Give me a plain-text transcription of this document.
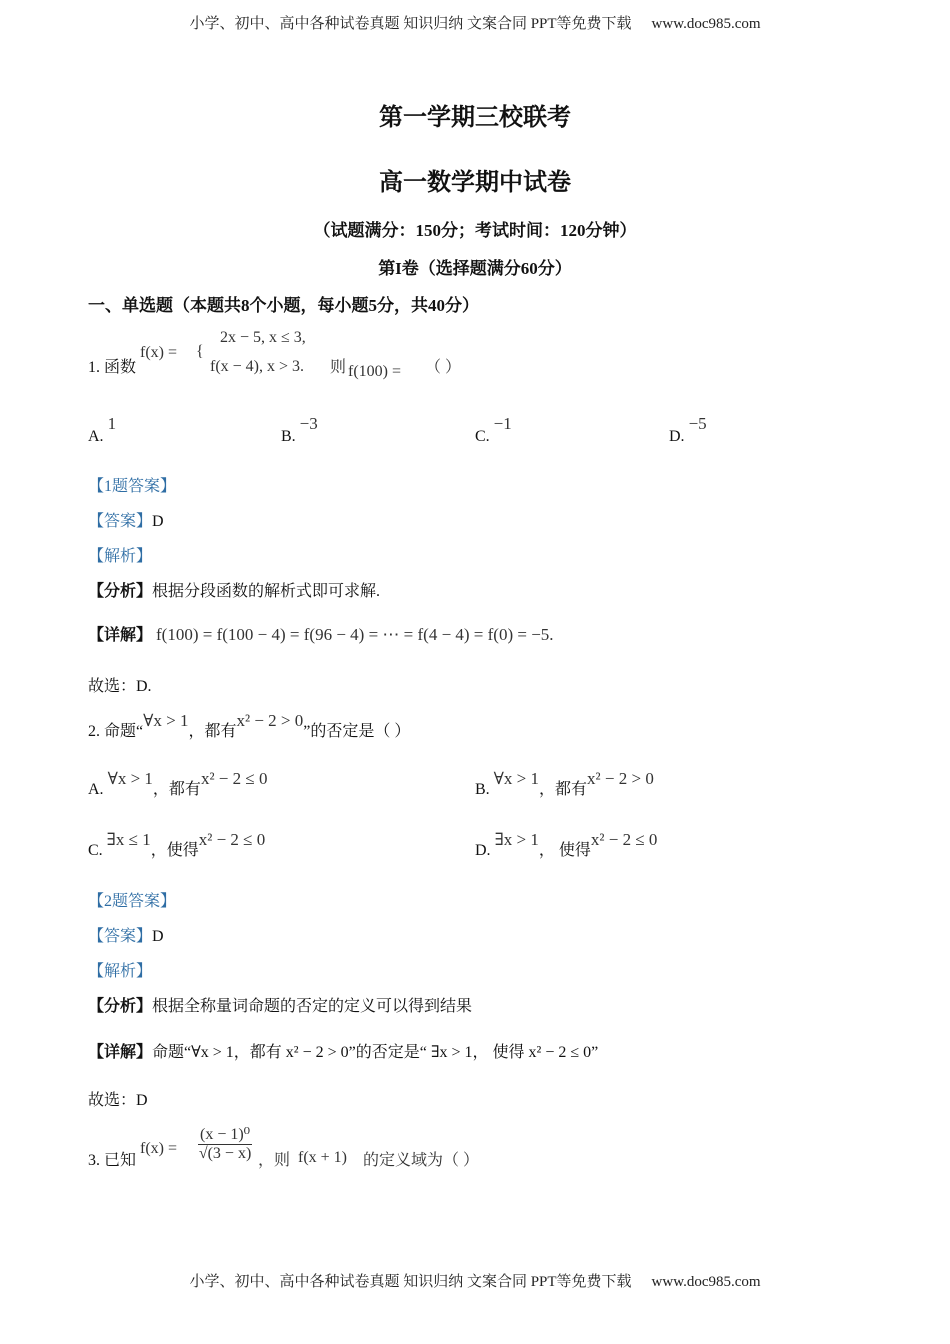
小学、初中、高中各种试卷真题 知识归纳 文案合同 PPT等免费下载 www.doc985.com
第一学期三校联考
高一数学期中试卷
（试题满分：150分；考试时间：120分钟）
第I卷（选择题满分60分）
一、单选题（本题共8个小题，每小题5分，共40分）
1. 函数
f(x) = {
2x − 5, x ≤ 3,
f(x − 4), x > 3. 则 f(100) = （ ）
A. 1
B. −3
C. −1
D. −5
【1题答案】
【答案】D
【解析】
【分析】根据分段函数的解析式即可求解.
【详解】 f(100) = f(100 − 4) = f(96 − 4) = ⋯ = f(4 − 4) = f(0) = −5.
故选：D.
2. 命题“∀x > 1，都有x² − 2 > 0”的否定是（ ）
A. ∀x > 1，都有x² − 2 ≤ 0
B. ∀x > 1，都有x² − 2 > 0
C. ∃x ≤ 1，使得x² − 2 ≤ 0
D. ∃x > 1， 使得x² − 2 ≤ 0
【2题答案】
【答案】D
【解析】
【分析】根据全称量词命题的否定的定义可以得到结果
【详解】命题“∀x > 1，都有 x² − 2 > 0”的否定是“ ∃x > 1， 使得 x² − 2 ≤ 0”
故选：D
3. 已知
$f(x) = \frac{\text{(x − 1)⁰}}{√(3 - x)}$ ，则 f(x + 1) 的定义域为（ ）
小学、初中、高中各种试卷真题 知识归纳 文案合同 PPT等免费下载 www.doc985.com
